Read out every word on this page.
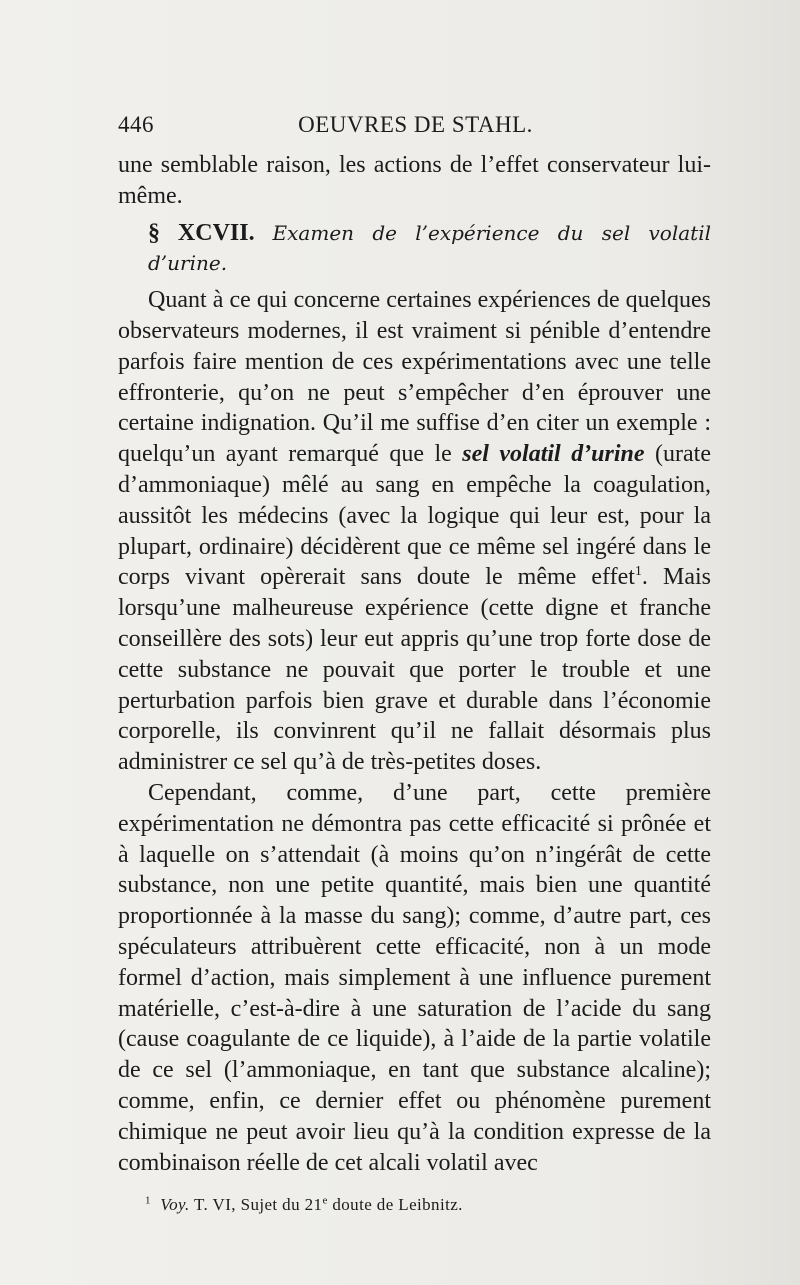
446	OEUVRES DE STAHL.

une semblable raison, les actions de l’effet conservateur lui-même.

§ XCVII. Examen de l’expérience du sel volatil d’urine.

Quant à ce qui concerne certaines expériences de quelques observateurs modernes, il est vraiment si pénible d’entendre parfois faire mention de ces expérimentations avec une telle effronterie, qu’on ne peut s’empêcher d’en éprouver une certaine indignation. Qu’il me suffise d’en citer un exemple : quelqu’un ayant remarqué que le sel volatil d’urine (urate d’ammoniaque) mêlé au sang en empêche la coagulation, aussitôt les médecins (avec la logique qui leur est, pour la plupart, ordinaire) décidèrent que ce même sel ingéré dans le corps vivant opèrerait sans doute le même effet$^1$. Mais lorsqu’une malheureuse expérience (cette digne et franche conseillère des sots) leur eut appris qu’une trop forte dose de cette substance ne pouvait que porter le trouble et une perturbation parfois bien grave et durable dans l’économie corporelle, ils convinrent qu’il ne fallait désormais plus administrer ce sel qu’à de très-petites doses.

Cependant, comme, d’une part, cette première expérimentation ne démontra pas cette efficacité si prônée et à laquelle on s’attendait (à moins qu’on n’ingérât de cette substance, non une petite quantité, mais bien une quantité proportionnée à la masse du sang); comme, d’autre part, ces spéculateurs attribuèrent cette efficacité, non à un mode formel d’action, mais simplement à une influence purement matérielle, c’est-à-dire à une saturation de l’acide du sang (cause coagulante de ce liquide), à l’aide de la partie volatile de ce sel (l’ammoniaque, en tant que substance alcaline); comme, enfin, ce dernier effet ou phénomène purement chimique ne peut avoir lieu qu’à la condition expresse de la combinaison réelle de cet alcali volatil avec

$^1$ Voy. T. VI, Sujet du 21e doute de Leibnitz.
